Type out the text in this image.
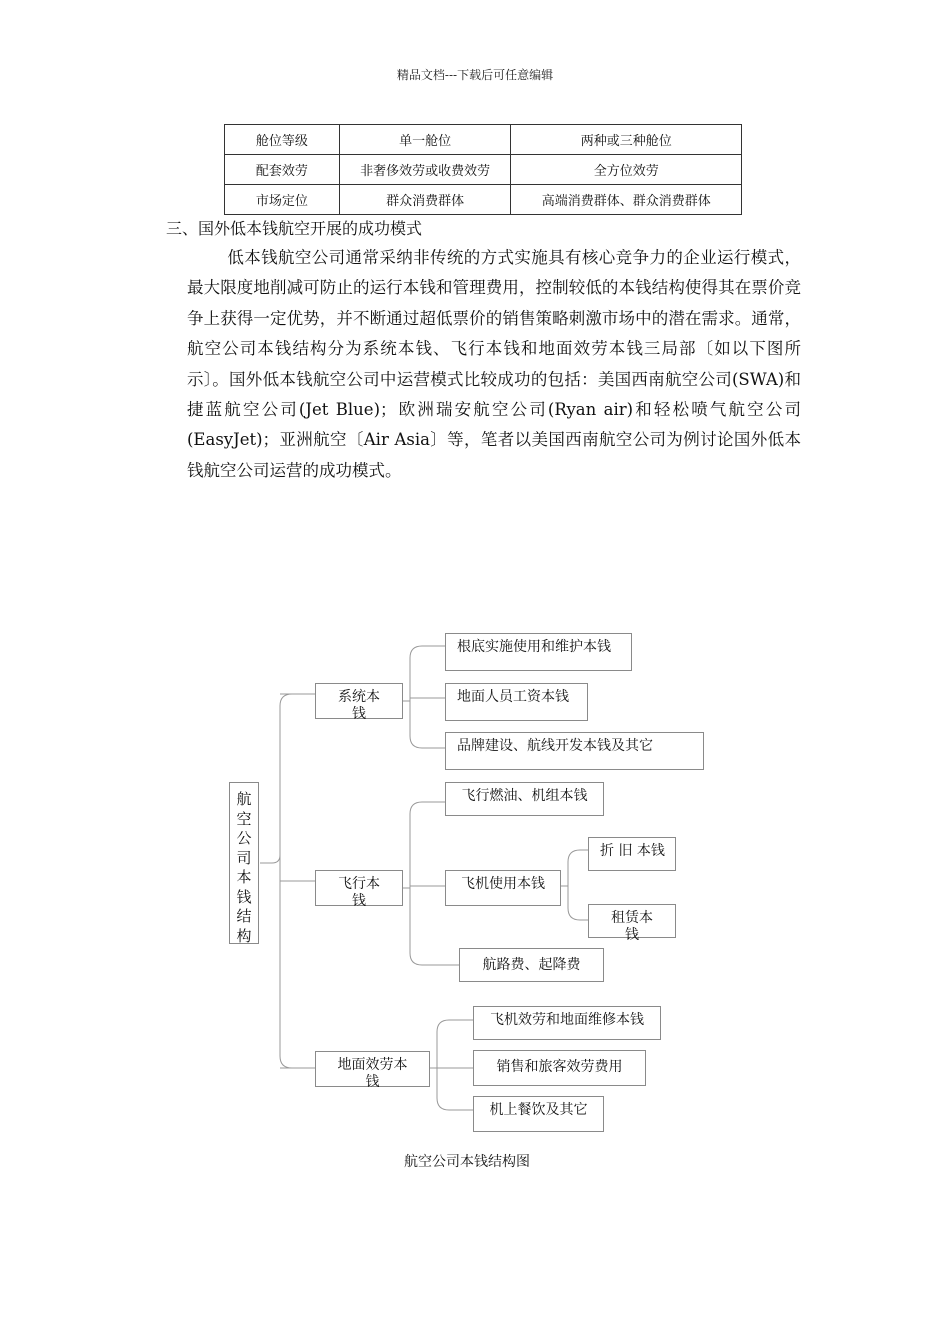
精品文档---下载后可任意编辑
舱位等级	单一舱位	两种或三种舱位
配套效劳	非奢侈效劳或收费效劳	全方位效劳
市场定位	群众消费群体	高端消费群体、群众消费群体
三、国外低本钱航空开展的成功模式

低本钱航空公司通常采纳非传统的方式实施具有核心竞争力的企业运行模式，最大限度地削减可防止的运行本钱和管理费用，控制较低的本钱结构使得其在票价竞争上获得一定优势，并不断通过超低票价的销售策略刺激市场中的潜在需求。通常，航空公司本钱结构分为系统本钱、飞行本钱和地面效劳本钱三局部〔如以下图所示〕。国外低本钱航空公司中运营模式比较成功的包括：美国西南航空公司(SWA)和捷蓝航空公司(Jet Blue)；欧洲瑞安航空公司(Ryan air)和轻松喷气航空公司(EasyJet)；亚洲航空〔Air Asia〕等，笔者以美国西南航空公司为例讨论国外低本钱航空公司运营的成功模式。

航
空
公
司
本
钱
结
构
系统本钱
根底实施使用和维护本钱
地面人员工资本钱
品牌建设、航线开发本钱及其它
飞行本钱
飞行燃油、机组本钱
飞机使用本钱
折 旧 本钱
租赁本钱
航路费、起降费
地面效劳本钱
飞机效劳和地面维修本钱
销售和旅客效劳费用
机上餐饮及其它
航空公司本钱结构图
